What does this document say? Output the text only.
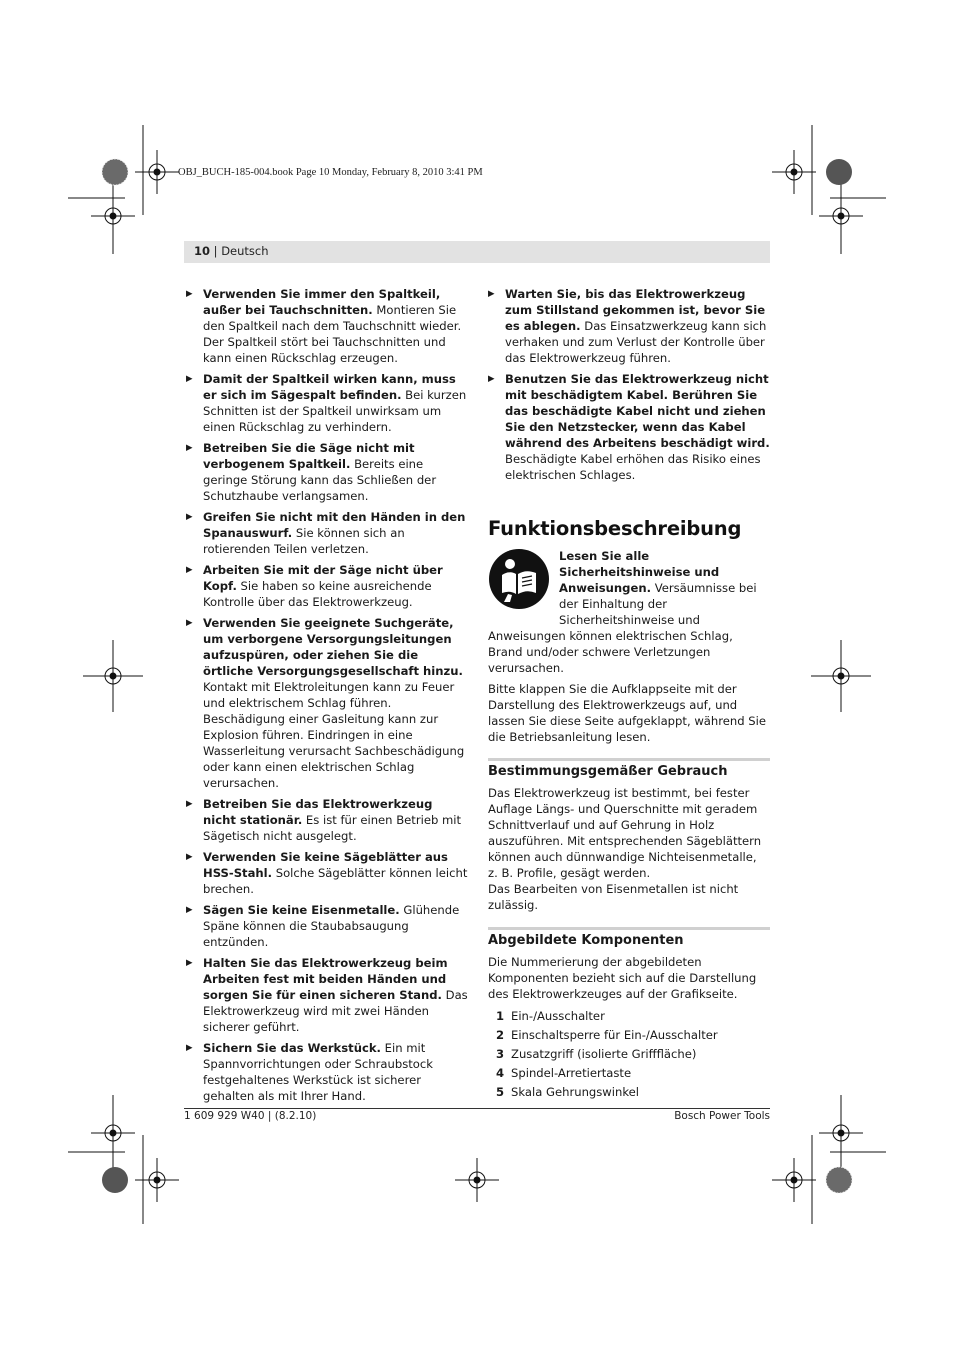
OBJ_BUCH-185-004.book Page 10 Monday, February 8, 2010 3:41 PM
10 | Deutsch
▶ Verwenden Sie immer den Spaltkeil, außer bei Tauchschnitten. Montieren Sie den Spaltkeil nach dem Tauchschnitt wieder. Der Spaltkeil stört bei Tauchschnitten und kann einen Rückschlag erzeugen.
▶ Damit der Spaltkeil wirken kann, muss er sich im Sägespalt befinden. Bei kurzen Schnitten ist der Spaltkeil unwirksam um einen Rückschlag zu verhindern.
▶ Betreiben Sie die Säge nicht mit verbogenem Spaltkeil. Bereits eine geringe Störung kann das Schließen der Schutzhaube verlangsamen.
▶ Greifen Sie nicht mit den Händen in den Spanauswurf. Sie können sich an rotierenden Teilen verletzen.
▶ Arbeiten Sie mit der Säge nicht über Kopf. Sie haben so keine ausreichende Kontrolle über das Elektrowerkzeug.
▶ Verwenden Sie geeignete Suchgeräte, um verborgene Versorgungsleitungen aufzuspüren, oder ziehen Sie die örtliche Versorgungsgesellschaft hinzu. Kontakt mit Elektroleitungen kann zu Feuer und elektrischem Schlag führen. Beschädigung einer Gasleitung kann zur Explosion führen. Eindringen in eine Wasserleitung verursacht Sachbeschädigung oder kann einen elektrischen Schlag verursachen.
▶ Betreiben Sie das Elektrowerkzeug nicht stationär. Es ist für einen Betrieb mit Sägetisch nicht ausgelegt.
▶ Verwenden Sie keine Sägeblätter aus HSS-Stahl. Solche Sägeblätter können leicht brechen.
▶ Sägen Sie keine Eisenmetalle. Glühende Späne können die Staubabsaugung entzünden.
▶ Halten Sie das Elektrowerkzeug beim Arbeiten fest mit beiden Händen und sorgen Sie für einen sicheren Stand. Das Elektrowerkzeug wird mit zwei Händen sicherer geführt.
▶ Sichern Sie das Werkstück. Ein mit Spannvorrichtungen oder Schraubstock festgehaltenes Werkstück ist sicherer gehalten als mit Ihrer Hand.
▶ Warten Sie, bis das Elektrowerkzeug zum Stillstand gekommen ist, bevor Sie es ablegen. Das Einsatzwerkzeug kann sich verhaken und zum Verlust der Kontrolle über das Elektrowerkzeug führen.
▶ Benutzen Sie das Elektrowerkzeug nicht mit beschädigtem Kabel. Berühren Sie das beschädigte Kabel nicht und ziehen Sie den Netzstecker, wenn das Kabel während des Arbeitens beschädigt wird. Beschädigte Kabel erhöhen das Risiko eines elektrischen Schlages.
Funktionsbeschreibung
Lesen Sie alle Sicherheitshinweise und Anweisungen. Versäumnisse bei der Einhaltung der Sicherheitshinweise und Anweisungen können elektrischen Schlag, Brand und/oder schwere Verletzungen verursachen.
Bitte klappen Sie die Aufklappseite mit der Darstellung des Elektrowerkzeugs auf, und lassen Sie diese Seite aufgeklappt, während Sie die Betriebsanleitung lesen.
Bestimmungsgemäßer Gebrauch
Das Elektrowerkzeug ist bestimmt, bei fester Auflage Längs- und Querschnitte mit geradem Schnittverlauf und auf Gehrung in Holz auszuführen. Mit entsprechenden Sägeblättern können auch dünnwandige Nichteisenmetalle, z. B. Profile, gesägt werden.
Das Bearbeiten von Eisenmetallen ist nicht zulässig.
Abgebildete Komponenten
Die Nummerierung der abgebildeten Komponenten bezieht sich auf die Darstellung des Elektrowerkzeuges auf der Grafikseite.
1 Ein-/Ausschalter
2 Einschaltsperre für Ein-/Ausschalter
3 Zusatzgriff (isolierte Grifffläche)
4 Spindel-Arretiertaste
5 Skala Gehrungswinkel
1 609 929 W40 | (8.2.10)	Bosch Power Tools
